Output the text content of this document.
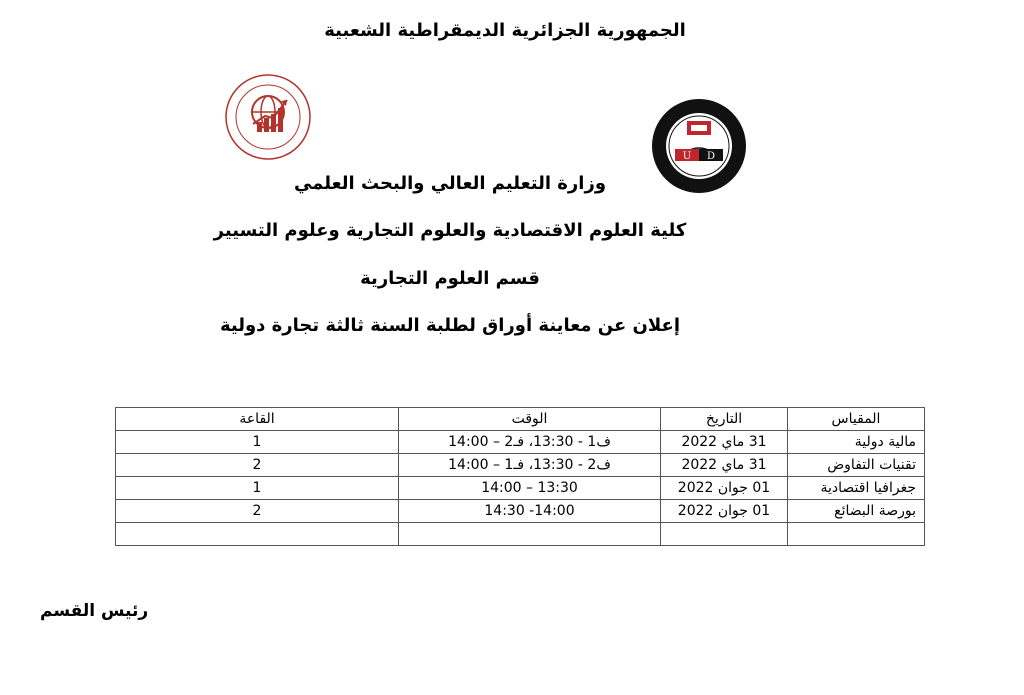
الجمهورية الجزائرية الديمقراطية الشعبية
U D
وزارة التعليم العالي والبحث العلمي
كلية العلوم الاقتصادية والعلوم التجارية وعلوم التسيير
قسم العلوم التجارية
إعلان عن معاينة أوراق لطلبة السنة ثالثة تجارة دولية
المقياس	التاريخ	الوقت	القاعة
مالية دولية	31 ماي 2022	ف1 - 13:30، فـ2 – 14:00	1
تقنيات التفاوض	31 ماي 2022	ف2 - 13:30، فـ1 – 14:00	2
جغرافيا اقتصادية	01 جوان 2022	13:30 – 14:00	1
بورصة البضائع	01 جوان 2022	14:00- 14:30	2

رئيس القسم
